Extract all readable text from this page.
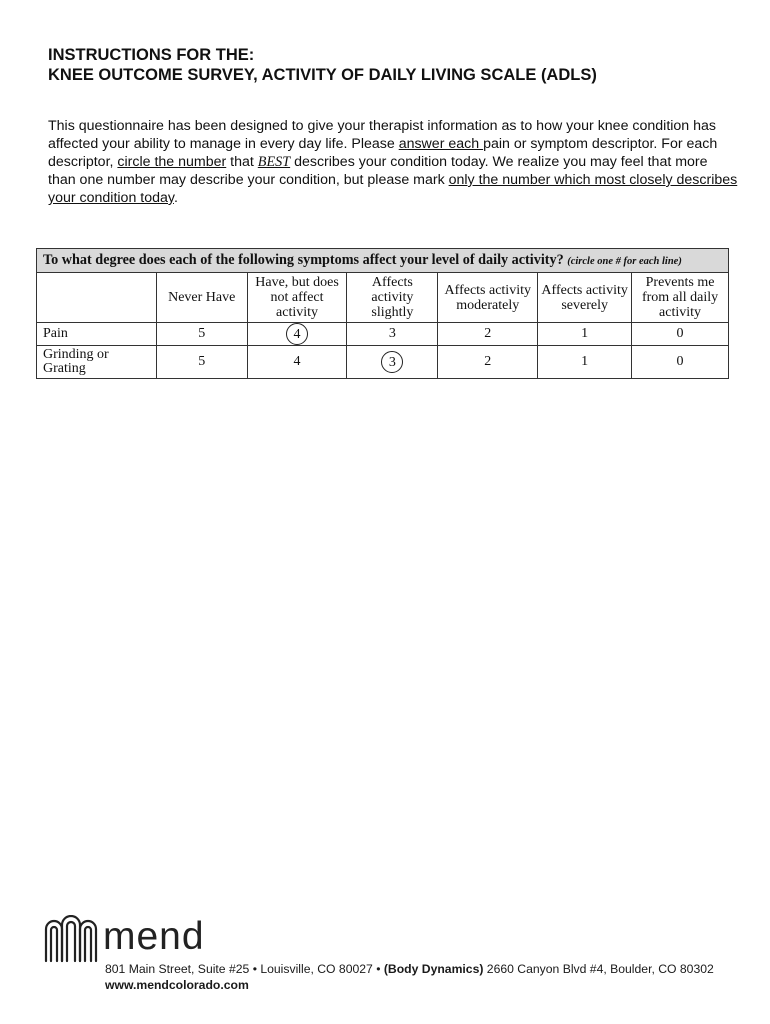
INSTRUCTIONS FOR THE:
KNEE OUTCOME SURVEY, ACTIVITY OF DAILY LIVING SCALE (ADLS)
This questionnaire has been designed to give your therapist information as to how your knee condition has affected your ability to manage in every day life. Please answer each pain or symptom descriptor. For each descriptor, circle the number that BEST describes your condition today. We realize you may feel that more than one number may describe your condition, but please mark only the number which most closely describes your condition today.
To what degree does each of the following symptoms affect your level of daily activity? (circle one # for each line)						
	Never Have	Have, but does not affect activity	Affects activity slightly	Affects activity moderately	Affects activity severely	Prevents me from all daily activity
Pain	5	4	3	2	1	0
Grinding or Grating	5	4	3	2	1	0
mend
801 Main Street, Suite #25 • Louisville, CO 80027 • (Body Dynamics) 2660 Canyon Blvd #4, Boulder, CO 80302
www.mendcolorado.com
